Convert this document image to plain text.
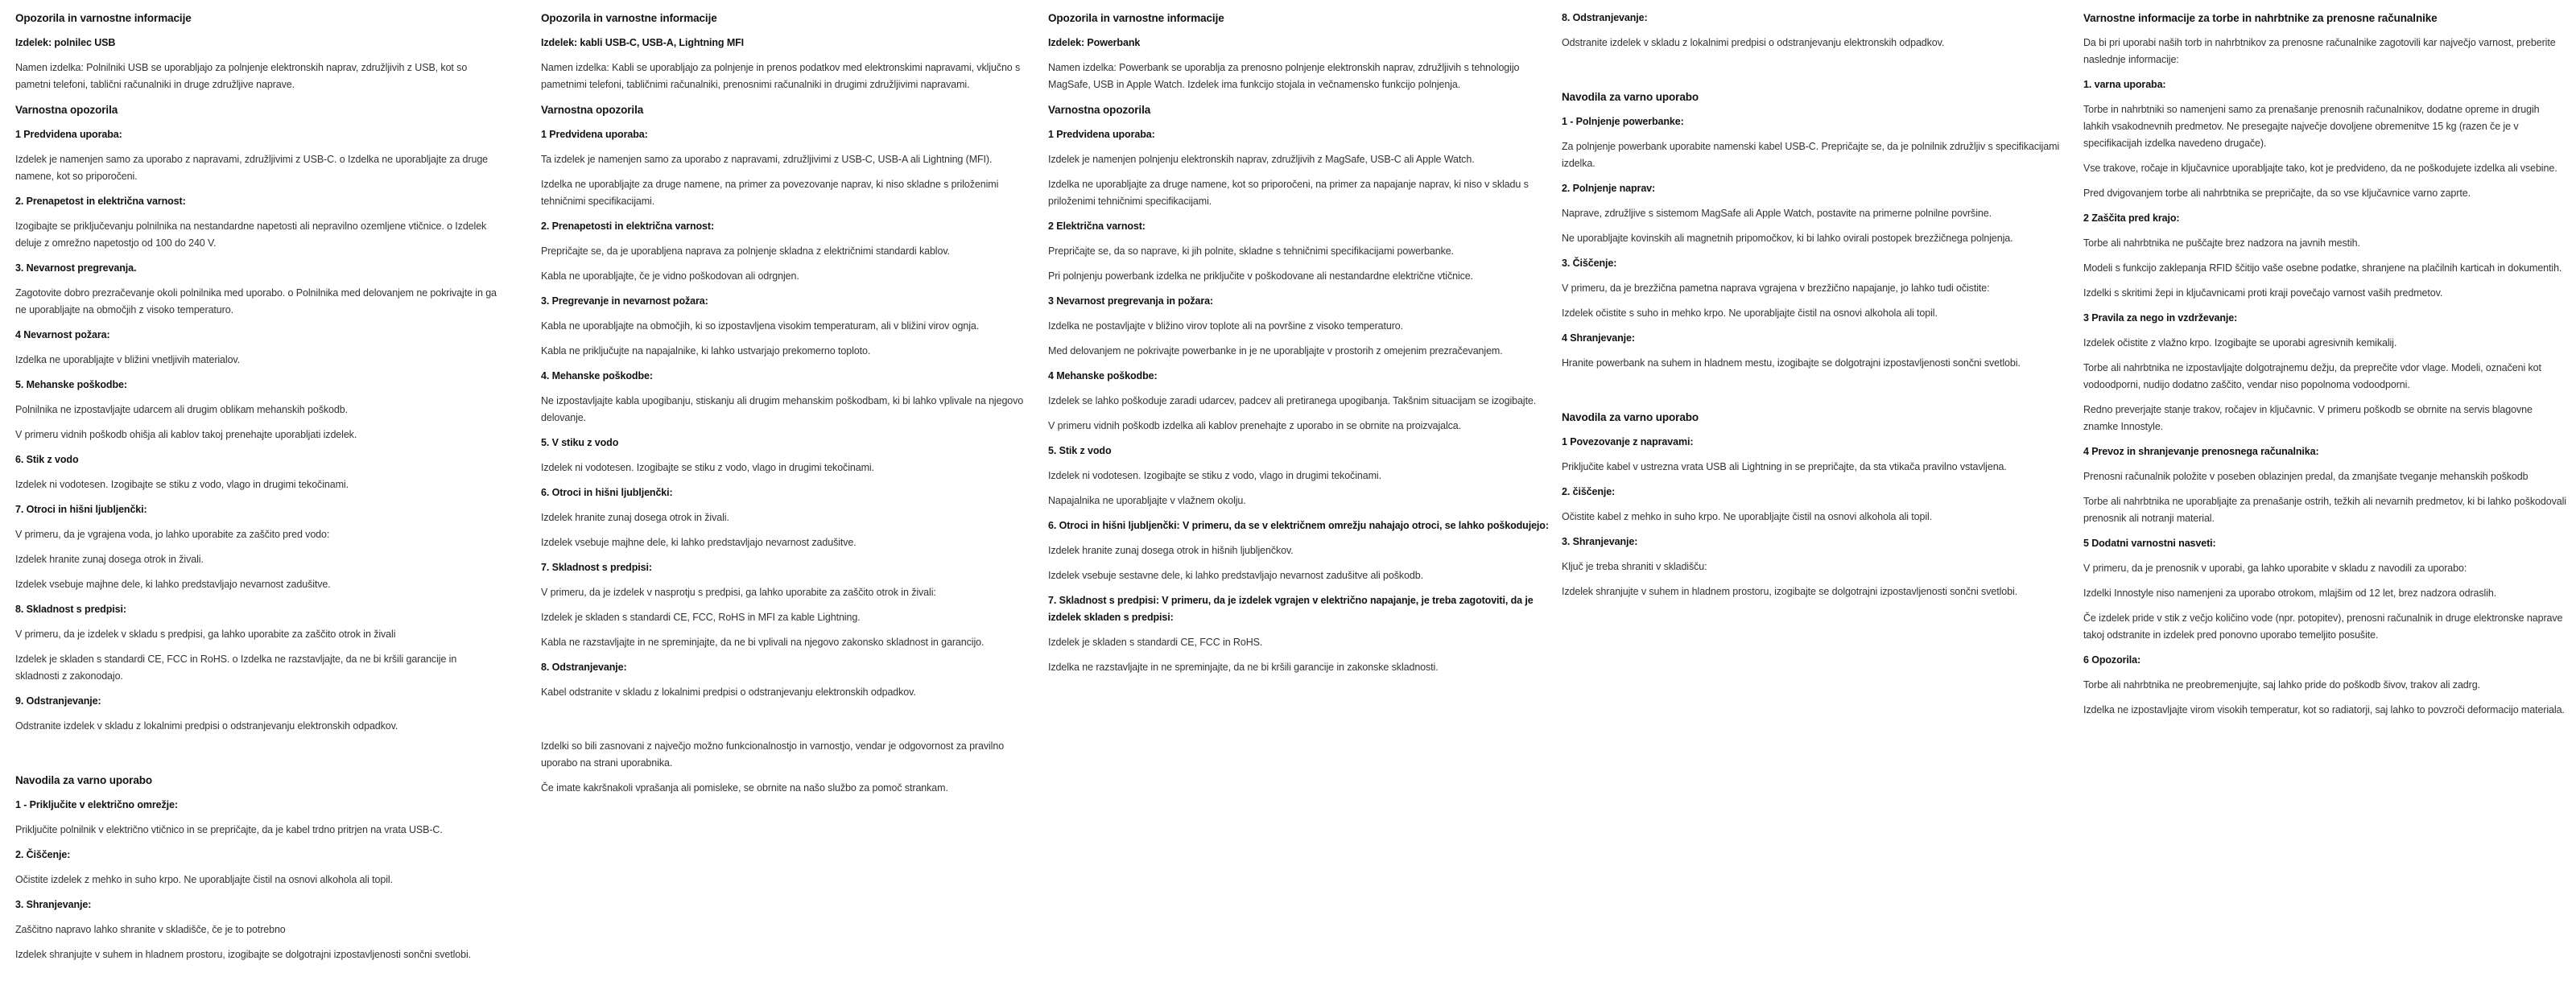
Opozorila in varnostne informacije
Izdelek: polnilec USB
Namen izdelka: Polnilniki USB se uporabljajo za polnjenje elektronskih naprav, združljivih z USB, kot so pametni telefoni, tablični računalniki in druge združljive naprave.
Varnostna opozorila
1 Predvidena uporaba:
Izdelek je namenjen samo za uporabo z napravami, združljivimi z USB-C. o Izdelka ne uporabljajte za druge namene, kot so priporočeni.
2. Prenapetost in električna varnost:
Izogibajte se priključevanju polnilnika na nestandardne napetosti ali nepravilno ozemljene vtičnice. o Izdelek deluje z omrežno napetostjo od 100 do 240 V.
3. Nevarnost pregrevanja.
Zagotovite dobro prezračevanje okoli polnilnika med uporabo. o Polnilnika med delovanjem ne pokrivajte in ga ne uporabljajte na območjih z visoko temperaturo.
4 Nevarnost požara:
Izdelka ne uporabljajte v bližini vnetljivih materialov.
5. Mehanske poškodbe:
Polnilnika ne izpostavljajte udarcem ali drugim oblikam mehanskih poškodb.
V primeru vidnih poškodb ohišja ali kablov takoj prenehajte uporabljati izdelek.
6. Stik z vodo
Izdelek ni vodotesen. Izogibajte se stiku z vodo, vlago in drugimi tekočinami.
7. Otroci in hišni ljubljenčki:
V primeru, da je vgrajena voda, jo lahko uporabite za zaščito pred vodo:
Izdelek hranite zunaj dosega otrok in živali.
Izdelek vsebuje majhne dele, ki lahko predstavljajo nevarnost zadušitve.
8. Skladnost s predpisi:
V primeru, da je izdelek v skladu s predpisi, ga lahko uporabite za zaščito otrok in živali
Izdelek je skladen s standardi CE, FCC in RoHS. o Izdelka ne razstavljajte, da ne bi kršili garancije in skladnosti z zakonodajo.
9. Odstranjevanje:
Odstranite izdelek v skladu z lokalnimi predpisi o odstranjevanju elektronskih odpadkov.
Navodila za varno uporabo
1 - Priključite v električno omrežje:
Priključite polnilnik v električno vtičnico in se prepričajte, da je kabel trdno pritrjen na vrata USB-C.
2. Čiščenje:
Očistite izdelek z mehko in suho krpo. Ne uporabljajte čistil na osnovi alkohola ali topil.
3. Shranjevanje:
Zaščitno napravo lahko shranite v skladišče, če je to potrebno
Izdelek shranjujte v suhem in hladnem prostoru, izogibajte se dolgotrajni izpostavljenosti sončni svetlobi.
Opozorila in varnostne informacije
Izdelek: kabli USB-C, USB-A, Lightning MFI
Namen izdelka: Kabli se uporabljajo za polnjenje in prenos podatkov med elektronskimi napravami, vključno s pametnimi telefoni, tabličnimi računalniki, prenosnimi računalniki in drugimi združljivimi napravami.
Varnostna opozorila
1 Predvidena uporaba:
Ta izdelek je namenjen samo za uporabo z napravami, združljivimi z USB-C, USB-A ali Lightning (MFI).
Izdelka ne uporabljajte za druge namene, na primer za povezovanje naprav, ki niso skladne s priloženimi tehničnimi specifikacijami.
2. Prenapetosti in električna varnost:
Prepričajte se, da je uporabljena naprava za polnjenje skladna z električnimi standardi kablov.
Kabla ne uporabljajte, če je vidno poškodovan ali odrgnjen.
3. Pregrevanje in nevarnost požara:
Kabla ne uporabljajte na območjih, ki so izpostavljena visokim temperaturam, ali v bližini virov ognja.
Kabla ne priključujte na napajalnike, ki lahko ustvarjajo prekomerno toploto.
4. Mehanske poškodbe:
Ne izpostavljajte kabla upogibanju, stiskanju ali drugim mehanskim poškodbam, ki bi lahko vplivale na njegovo delovanje.
5. V stiku z vodo
Izdelek ni vodotesen. Izogibajte se stiku z vodo, vlago in drugimi tekočinami.
6. Otroci in hišni ljubljenčki:
Izdelek hranite zunaj dosega otrok in živali.
Izdelek vsebuje majhne dele, ki lahko predstavljajo nevarnost zadušitve.
7. Skladnost s predpisi:
V primeru, da je izdelek v nasprotju s predpisi, ga lahko uporabite za zaščito otrok in živali:
Izdelek je skladen s standardi CE, FCC, RoHS in MFI za kable Lightning.
Kabla ne razstavljajte in ne spreminjajte, da ne bi vplivali na njegovo zakonsko skladnost in garancijo.
8. Odstranjevanje:
Kabel odstranite v skladu z lokalnimi predpisi o odstranjevanju elektronskih odpadkov.
Izdelki so bili zasnovani z največjo možno funkcionalnostjo in varnostjo, vendar je odgovornost za pravilno uporabo na strani uporabnika.
Če imate kakršnakoli vprašanja ali pomisleke, se obrnite na našo službo za pomoč strankam.
Opozorila in varnostne informacije
Izdelek: Powerbank
Namen izdelka: Powerbank se uporablja za prenosno polnjenje elektronskih naprav, združljivih s tehnologijo MagSafe, USB in Apple Watch. Izdelek ima funkcijo stojala in večnamensko funkcijo polnjenja.
Varnostna opozorila
1 Predvidena uporaba:
Izdelek je namenjen polnjenju elektronskih naprav, združljivih z MagSafe, USB-C ali Apple Watch.
Izdelka ne uporabljajte za druge namene, kot so priporočeni, na primer za napajanje naprav, ki niso v skladu s priloženimi tehničnimi specifikacijami.
2 Električna varnost:
Prepričajte se, da so naprave, ki jih polnite, skladne s tehničnimi specifikacijami powerbanke.
Pri polnjenju powerbank izdelka ne priključite v poškodovane ali nestandardne električne vtičnice.
3 Nevarnost pregrevanja in požara:
Izdelka ne postavljajte v bližino virov toplote ali na površine z visoko temperaturo.
Med delovanjem ne pokrivajte powerbanke in je ne uporabljajte v prostorih z omejenim prezračevanjem.
4 Mehanske poškodbe:
Izdelek se lahko poškoduje zaradi udarcev, padcev ali pretiranega upogibanja. Takšnim situacijam se izogibajte.
V primeru vidnih poškodb izdelka ali kablov prenehajte z uporabo in se obrnite na proizvajalca.
5. Stik z vodo
Izdelek ni vodotesen. Izogibajte se stiku z vodo, vlago in drugimi tekočinami.
Napajalnika ne uporabljajte v vlažnem okolju.
6. Otroci in hišni ljubljenčki: V primeru, da se v električnem omrežju nahajajo otroci, se lahko poškodujejo:
Izdelek hranite zunaj dosega otrok in hišnih ljubljenčkov.
Izdelek vsebuje sestavne dele, ki lahko predstavljajo nevarnost zadušitve ali poškodb.
7. Skladnost s predpisi: V primeru, da je izdelek vgrajen v električno napajanje, je treba zagotoviti, da je izdelek skladen s predpisi:
Izdelek je skladen s standardi CE, FCC in RoHS.
Izdelka ne razstavljajte in ne spreminjajte, da ne bi kršili garancije in zakonske skladnosti.
8. Odstranjevanje:
Odstranite izdelek v skladu z lokalnimi predpisi o odstranjevanju elektronskih odpadkov.
Navodila za varno uporabo
1 - Polnjenje powerbanke:
Za polnjenje powerbank uporabite namenski kabel USB-C. Prepričajte se, da je polnilnik združljiv s specifikacijami izdelka.
2. Polnjenje naprav:
Naprave, združljive s sistemom MagSafe ali Apple Watch, postavite na primerne polnilne površine.
Ne uporabljajte kovinskih ali magnetnih pripomočkov, ki bi lahko ovirali postopek brezžičnega polnjenja.
3. Čiščenje:
V primeru, da je brezžična pametna naprava vgrajena v brezžično napajanje, jo lahko tudi očistite:
Izdelek očistite s suho in mehko krpo. Ne uporabljajte čistil na osnovi alkohola ali topil.
4 Shranjevanje:
Hranite powerbank na suhem in hladnem mestu, izogibajte se dolgotrajni izpostavljenosti sončni svetlobi.
Navodila za varno uporabo
1 Povezovanje z napravami:
Priključite kabel v ustrezna vrata USB ali Lightning in se prepričajte, da sta vtikača pravilno vstavljena.
2. čiščenje:
Očistite kabel z mehko in suho krpo. Ne uporabljajte čistil na osnovi alkohola ali topil.
3. Shranjevanje:
Ključ je treba shraniti v skladišču:
Izdelek shranjujte v suhem in hladnem prostoru, izogibajte se dolgotrajni izpostavljenosti sončni svetlobi.
Varnostne informacije za torbe in nahrbtnike za prenosne računalnike
Da bi pri uporabi naših torb in nahrbtnikov za prenosne računalnike zagotovili kar največjo varnost, preberite naslednje informacije:
1. varna uporaba:
Torbe in nahrbtniki so namenjeni samo za prenašanje prenosnih računalnikov, dodatne opreme in drugih lahkih vsakodnevnih predmetov. Ne presegajte največje dovoljene obremenitve 15 kg (razen če je v specifikacijah izdelka navedeno drugače).
Vse trakove, ročaje in ključavnice uporabljajte tako, kot je predvideno, da ne poškodujete izdelka ali vsebine.
Pred dvigovanjem torbe ali nahrbtnika se prepričajte, da so vse ključavnice varno zaprte.
2 Zaščita pred krajo:
Torbe ali nahrbtnika ne puščajte brez nadzora na javnih mestih.
Modeli s funkcijo zaklepanja RFID ščitijo vaše osebne podatke, shranjene na plačilnih karticah in dokumentih.
Izdelki s skritimi žepi in ključavnicami proti kraji povečajo varnost vaših predmetov.
3 Pravila za nego in vzdrževanje:
Izdelek očistite z vlažno krpo. Izogibajte se uporabi agresivnih kemikalij.
Torbe ali nahrbtnika ne izpostavljajte dolgotrajnemu dežju, da preprečite vdor vlage. Modeli, označeni kot vodoodporni, nudijo dodatno zaščito, vendar niso popolnoma vodoodporni.
Redno preverjajte stanje trakov, ročajev in ključavnic. V primeru poškodb se obrnite na servis blagovne znamke Innostyle.
4 Prevoz in shranjevanje prenosnega računalnika:
Prenosni računalnik položite v poseben oblazinjen predal, da zmanjšate tveganje mehanskih poškodb
Torbe ali nahrbtnika ne uporabljajte za prenašanje ostrih, težkih ali nevarnih predmetov, ki bi lahko poškodovali prenosnik ali notranji material.
5 Dodatni varnostni nasveti:
V primeru, da je prenosnik v uporabi, ga lahko uporabite v skladu z navodili za uporabo:
Izdelki Innostyle niso namenjeni za uporabo otrokom, mlajšim od 12 let, brez nadzora odraslih.
Če izdelek pride v stik z večjo količino vode (npr. potopitev), prenosni računalnik in druge elektronske naprave takoj odstranite in izdelek pred ponovno uporabo temeljito posušite.
6 Opozorila:
Torbe ali nahrbtnika ne preobremenjujte, saj lahko pride do poškodb šivov, trakov ali zadrg.
Izdelka ne izpostavljajte virom visokih temperatur, kot so radiatorji, saj lahko to povzroči deformacijo materiala.
